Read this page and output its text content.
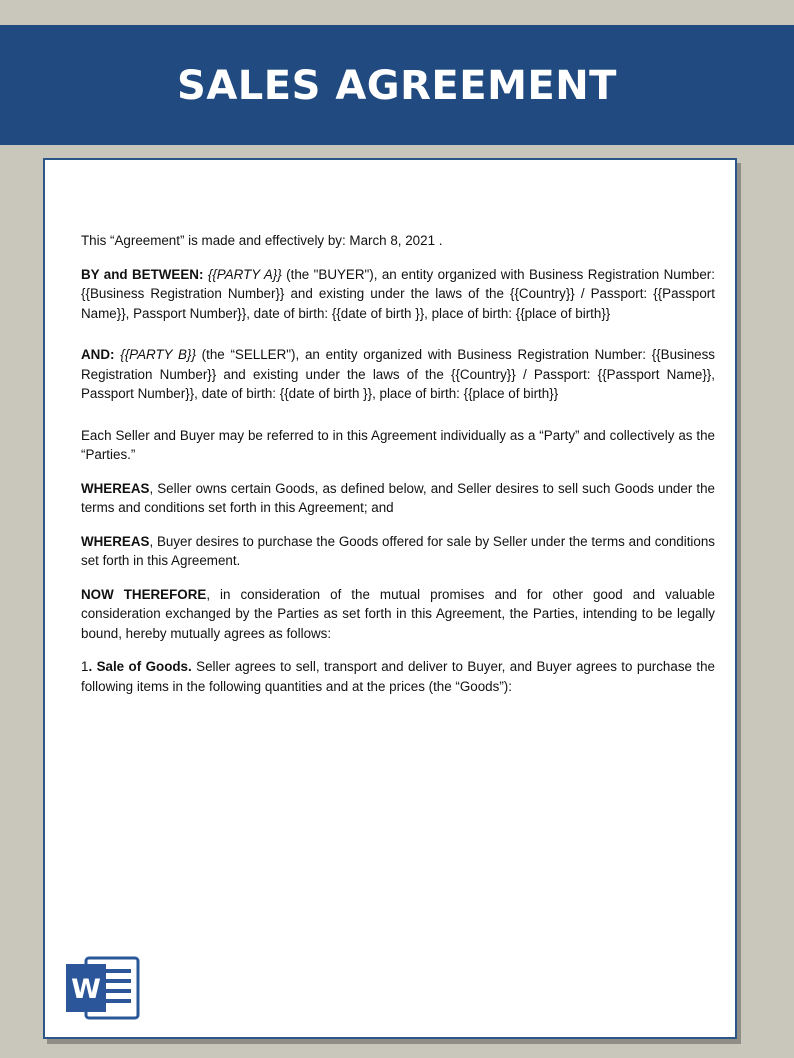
SALES AGREEMENT

This “Agreement” is made and effectively by: March 8, 2021 .

BY and BETWEEN: {{PARTY A}} (the "BUYER"), an entity organized with Business Registration Number: {{Business Registration Number}} and existing under the laws of the {{Country}} / Passport: {{Passport Name}}, Passport Number}}, date of birth: {{date of birth }}, place of birth: {{place of birth}}

AND: {{PARTY B}} (the “SELLER"), an entity organized with Business Registration Number: {{Business Registration Number}} and existing under the laws of the {{Country}} / Passport: {{Passport Name}}, Passport Number}}, date of birth: {{date of birth }}, place of birth: {{place of birth}}

Each Seller and Buyer may be referred to in this Agreement individually as a “Party” and collectively as the “Parties.”

WHEREAS, Seller owns certain Goods, as defined below, and Seller desires to sell such Goods under the terms and conditions set forth in this Agreement; and

WHEREAS, Buyer desires to purchase the Goods offered for sale by Seller under the terms and conditions set forth in this Agreement.

NOW THEREFORE, in consideration of the mutual promises and for other good and valuable consideration exchanged by the Parties as set forth in this Agreement, the Parties, intending to be legally bound, hereby mutually agrees as follows:

1. Sale of Goods. Seller agrees to sell, transport and deliver to Buyer, and Buyer agrees to purchase the following items in the following quantities and at the prices (the “Goods”):

W
